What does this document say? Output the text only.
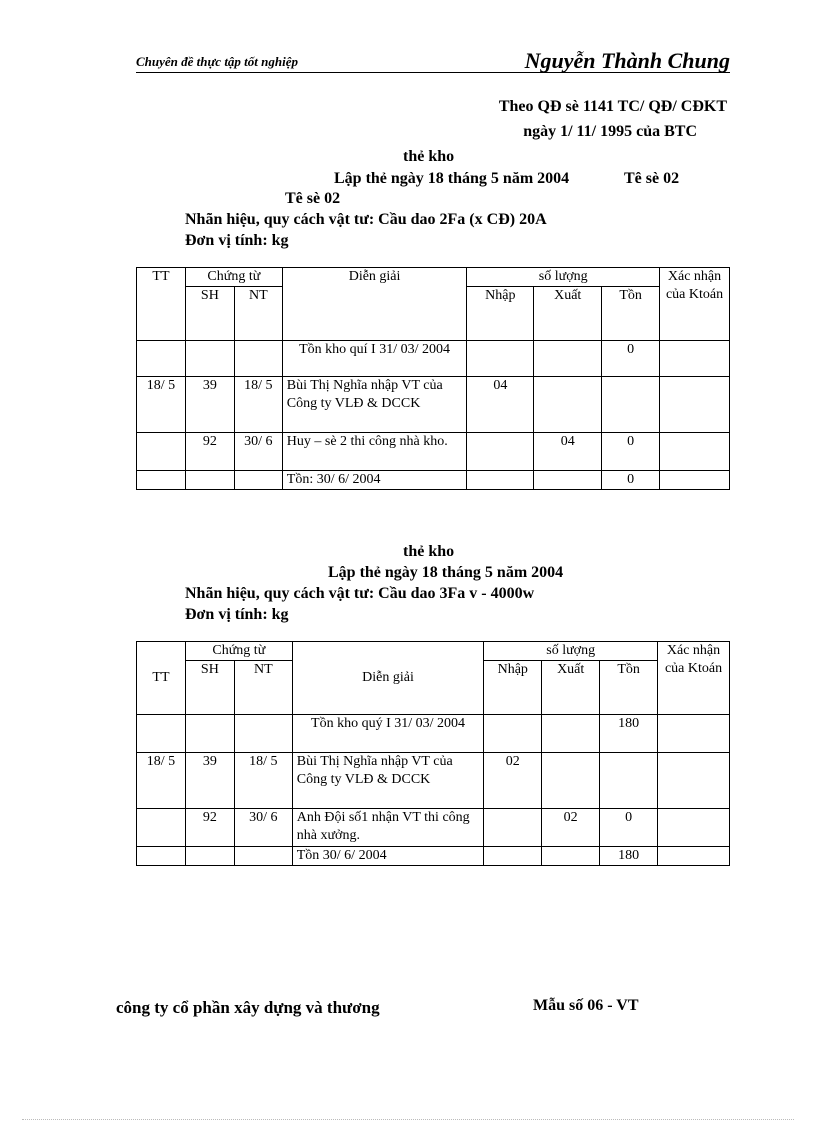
Chuyên đề thực tập tốt nghiệp	Nguyễn Thành Chung
Theo QĐ sè 1141 TC/ QĐ/ CĐKT
ngày 1/ 11/ 1995 của BTC
thẻ kho
Lập thẻ ngày 18 tháng 5 năm 2004	Tê sè 02
Tê sè 02
Nhãn hiệu, quy cách vật tư: Cầu dao 2Fa (x CĐ) 20A
Đơn vị tính: kg
TT	Chứng từ		Diễn giải	số lượng			Xác nhận của Ktoán
	SH	NT		Nhập	Xuất	Tồn	
			Tồn kho quí I 31/ 03/ 2004			0	
18/ 5	39	18/ 5	Bùi Thị Nghĩa nhập VT của Công ty VLĐ & DCCK	04			
	92	30/ 6	Huy – sè 2 thi công nhà kho.		04	0	
			Tồn: 30/ 6/ 2004			0	
thẻ kho
Lập thẻ ngày 18 tháng 5 năm 2004
Nhãn hiệu, quy cách vật tư: Cầu dao 3Fa v - 4000w
Đơn vị tính: kg
TT	Chứng từ		Diễn giải	số lượng			Xác nhận của Ktoán
	SH	NT		Nhập	Xuất	Tồn	
			Tồn kho quý I 31/ 03/ 2004			180	
18/ 5	39	18/ 5	Bùi Thị Nghĩa nhập VT của Công ty VLĐ & DCCK	02			
	92	30/ 6	Anh Đội số1 nhận VT thi công nhà xưởng.		02	0	
			Tồn 30/ 6/ 2004			180	
công ty cổ phần xây dựng và thương	Mẫu số 06 - VT
